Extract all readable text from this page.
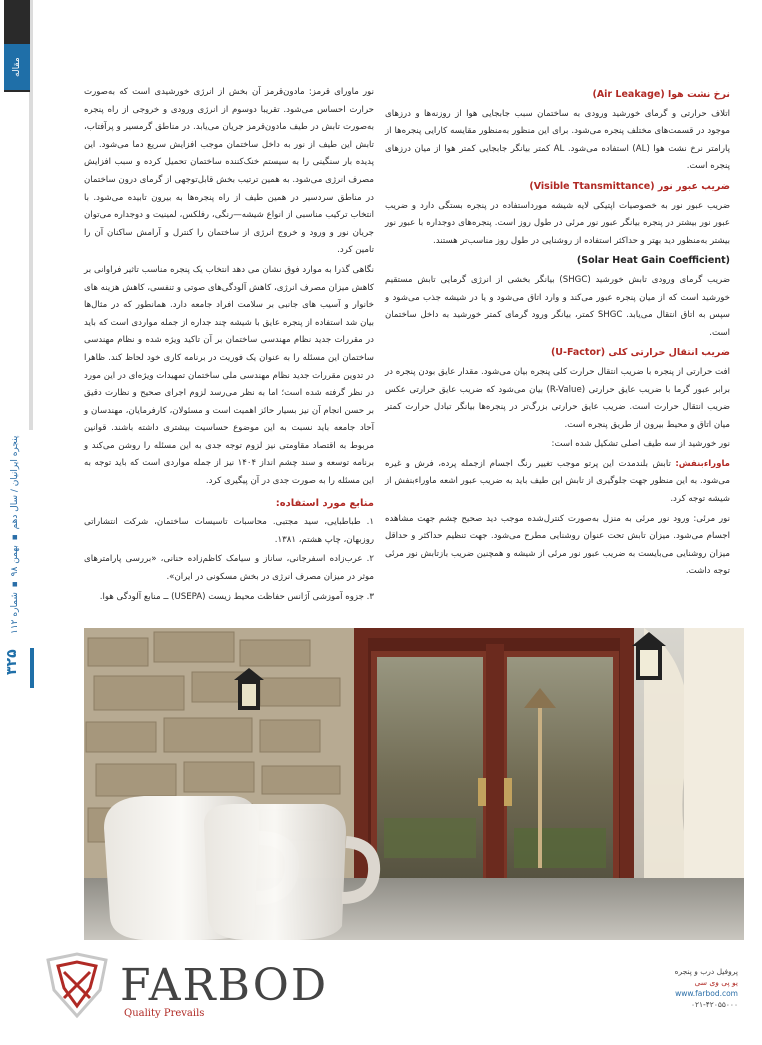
مقاله
پنجره ایرانیان / سال دهم ▪ بهمن ۹۸ ▪ شماره ۱۱۲
۳۲۵
نرخ نشت هوا (Air Leakage)

اتلاف حرارتی و گرمای خورشید ورودی به ساختمان سبب جابجایی هوا از روزنه‌ها و درزهای موجود در قسمت‌های مختلف پنجره می‌شود. برای این منظور به‌منظور مقایسه کارایی پنجره‌ها از پارامتر نرخ نشت هوا (AL) استفاده می‌شود. AL کمتر بیانگر جابجایی کمتر هوا از میان درزهای پنجره است.

ضریب عبور نور (Visible Ttansmittance)

ضریب عبور نور به خصوصیات اپتیکی لایه شیشه مورداستفاده در پنجره بستگی دارد و ضریب عبور نور بیشتر در پنجره بیانگر عبور نور مرئی در طول روز است. پنجره‌های دوجداره با عبور نور بیشتر به‌منظور دید بهتر و حداکثر استفاده از روشنایی در طول روز مناسب‌تر هستند.

(Solar Heat Gain Coefficient)

ضریب گرمای ورودی تابش خورشید (SHGC) بیانگر بخشی از انرژی گرمایی تابش مستقیم خورشید است که از میان پنجره عبور می‌کند و وارد اتاق می‌شود و یا در شیشه جذب می‌شود و سپس به اتاق انتقال می‌یابد. SHGC کمتر، بیانگر ورود گرمای کمتر خورشید به داخل ساختمان است.

ضریب انتقال حرارتی کلی (U-Factor)

افت حرارتی از پنجره با ضریب انتقال حرارت کلی پنجره بیان می‌شود. مقدار عایق بودن پنجره در برابر عبور گرما با ضریب عایق حرارتی (R-Value) بیان می‌شود که ضریب عایق حرارتی عکس ضریب انتقال حرارت است. ضریب عایق حرارتی بزرگ‌تر در پنجره‌ها بیانگر تبادل حرارت کمتر میان اتاق و محیط بیرون از طریق پنجره است.

نور خورشید از سه طیف اصلی تشکیل شده است:

ماوراءبنفش: تابش بلندمدت این پرتو موجب تغییر رنگ اجسام ازجمله پرده، فرش و غیره می‌شود. به این منظور جهت جلوگیری از تابش این طیف باید به ضریب عبور اشعه ماوراءبنفش از شیشه توجه کرد.

نور مرئی: ورود نور مرئی به منزل به‌صورت کنترل‌شده موجب دید صحیح چشم جهت مشاهده اجسام می‌شود. میزان تابش تحت عنوان روشنایی مطرح می‌شود. جهت تنظیم حداکثر و حداقل میزان روشنایی می‌بایست به ضریب عبور نور مرئی از شیشه و همچنین ضریب بازتابش نور مرئی توجه داشت.

نور ماورای قرمز: مادون‌قرمز آن بخش از انرژی خورشیدی است که به‌صورت حرارت احساس می‌شود. تقریبا دوسوم از انرژی ورودی و خروجی از راه پنجره به‌صورت تابش در طیف مادون‌قرمز جریان می‌یابد. در مناطق گرمسیر و پرآفتاب، تابش این طیف از نور به داخل ساختمان موجب افزایش سریع دما می‌شود. این پدیده بار سنگینی را به سیستم خنک‌کننده ساختمان تحمیل کرده و سبب افزایش مصرف انرژی می‌شود. به همین ترتیب بخش قابل‌توجهی از گرمای درون ساختمان در مناطق سردسیر در همین طیف از راه پنجره‌ها به بیرون تابیده می‌شود. با انتخاب ترکیب مناسبی از انواع شیشه—رنگی، رفلکس، لمینیت و دوجداره می‌توان جریان نور و ورود و خروج انرژی از ساختمان را کنترل و آرامش ساکنان آن را تامین کرد.

نگاهی گذرا به موارد فوق نشان می دهد انتخاب یک پنجره مناسب تاثیر فراوانی بر کاهش میزان مصرف انرژی، کاهش آلودگی‌های صوتی و تنفسی، کاهش هزینه های خانوار و آسیب های جانبی بر سلامت افراد جامعه دارد. همانطور که در مثال‌ها بیان شد استفاده از پنجره عایق با شیشه چند جداره از جمله مواردی است که باید در مقررات جدید نظام مهندسی ساختمان بر آن تاکید ویژه شده و نظام مهندسی ساختمان این مسئله را به عنوان یک فوریت در برنامه کاری خود لحاظ کند. ظاهرا در تدوین مقررات جدید نظام مهندسی ملی ساختمان تمهیدات ویژه‌ای در این مورد در نظر گرفته شده است؛ اما به نظر می‌رسد لزوم اجرای صحیح و نظارت دقیق بر حسن انجام آن نیز بسیار حائز اهمیت است و مسئولان، کارفرمایان، مهندسان و آحاد جامعه باید نسبت به این موضوع حساسیت بیشتری داشته باشند. قوانین مربوط به اقتصاد مقاومتی نیز لزوم توجه جدی به این مسئله را روشن می‌کند و برنامه توسعه و سند چشم انداز ۱۴۰۴ نیز از جمله مواردی است که باید توجه به این مسئله را به صورت جدی در آن پیگیری کرد.

منابع مورد استفاده:

۱. طباطبایی، سید مجتبی. محاسبات تاسیسات ساختمان، شرکت انتشاراتی روزبهان، چاپ هشتم، ۱۳۸۱.

۲. عرب‌زاده اسفرجانی، ساناز و سیامک کاظم‌زاده حنانی، «بررسی پارامترهای موثر در میزان مصرف انرژی در بخش مسکونی در ایران».

۳. جزوه آموزشی آژانس حفاظت محیط زیست (USEPA) ــ منابع آلودگی هوا.

FARBOD
Quality Prevails
پروفیل درب و پنجره
یو پی وی سی
www.farbod.com
۰۲۱-۴۲۰۵۵۰۰۰
